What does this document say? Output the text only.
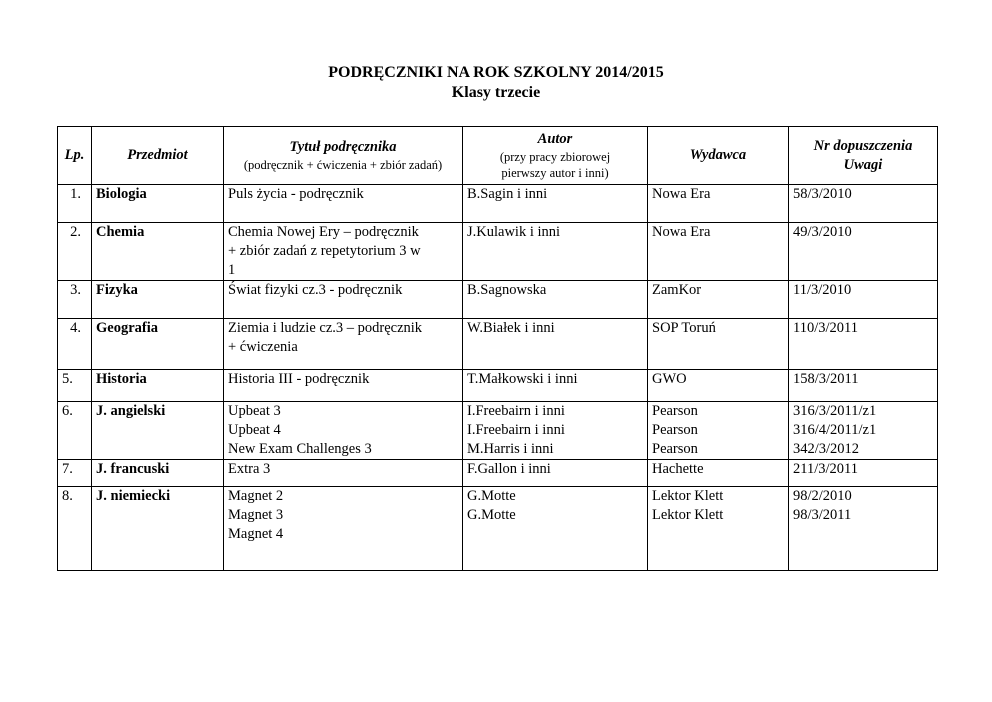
PODRĘCZNIKI NA ROK SZKOLNY 2014/2015
Klasy trzecie
Lp.	Przedmiot	Tytuł podręcznika
(podręcznik + ćwiczenia + zbiór zadań)	Autor
(przy pracy zbiorowej
pierwszy autor i inni)	Wydawca	Nr dopuszczenia
Uwagi

1.	Biologia	Puls życia - podręcznik	B.Sagin i inni	Nowa Era	58/3/2010

2.	Chemia	Chemia Nowej Ery – podręcznik
+ zbiór zadań z repetytorium 3 w
1	J.Kulawik i inni	Nowa Era	49/3/2010

3.	Fizyka	Świat fizyki cz.3 - podręcznik	B.Sagnowska	ZamKor	11/3/2010

4.	Geografia	Ziemia i ludzie cz.3 – podręcznik
+ ćwiczenia	W.Białek i inni	SOP Toruń	110/3/2011

5.	Historia	Historia III - podręcznik	T.Małkowski i inni	GWO	158/3/2011

6.	J. angielski	Upbeat 3
Upbeat 4
New Exam Challenges 3	I.Freebairn i inni
I.Freebairn i inni
M.Harris i inni	Pearson
Pearson
Pearson	316/3/2011/z1
316/4/2011/z1
342/3/2012

7.	J. francuski	Extra 3	F.Gallon i inni	Hachette	211/3/2011

8.	J. niemiecki	Magnet 2
Magnet 3
Magnet 4	G.Motte
G.Motte	Lektor Klett
Lektor Klett	98/2/2010
98/3/2011
